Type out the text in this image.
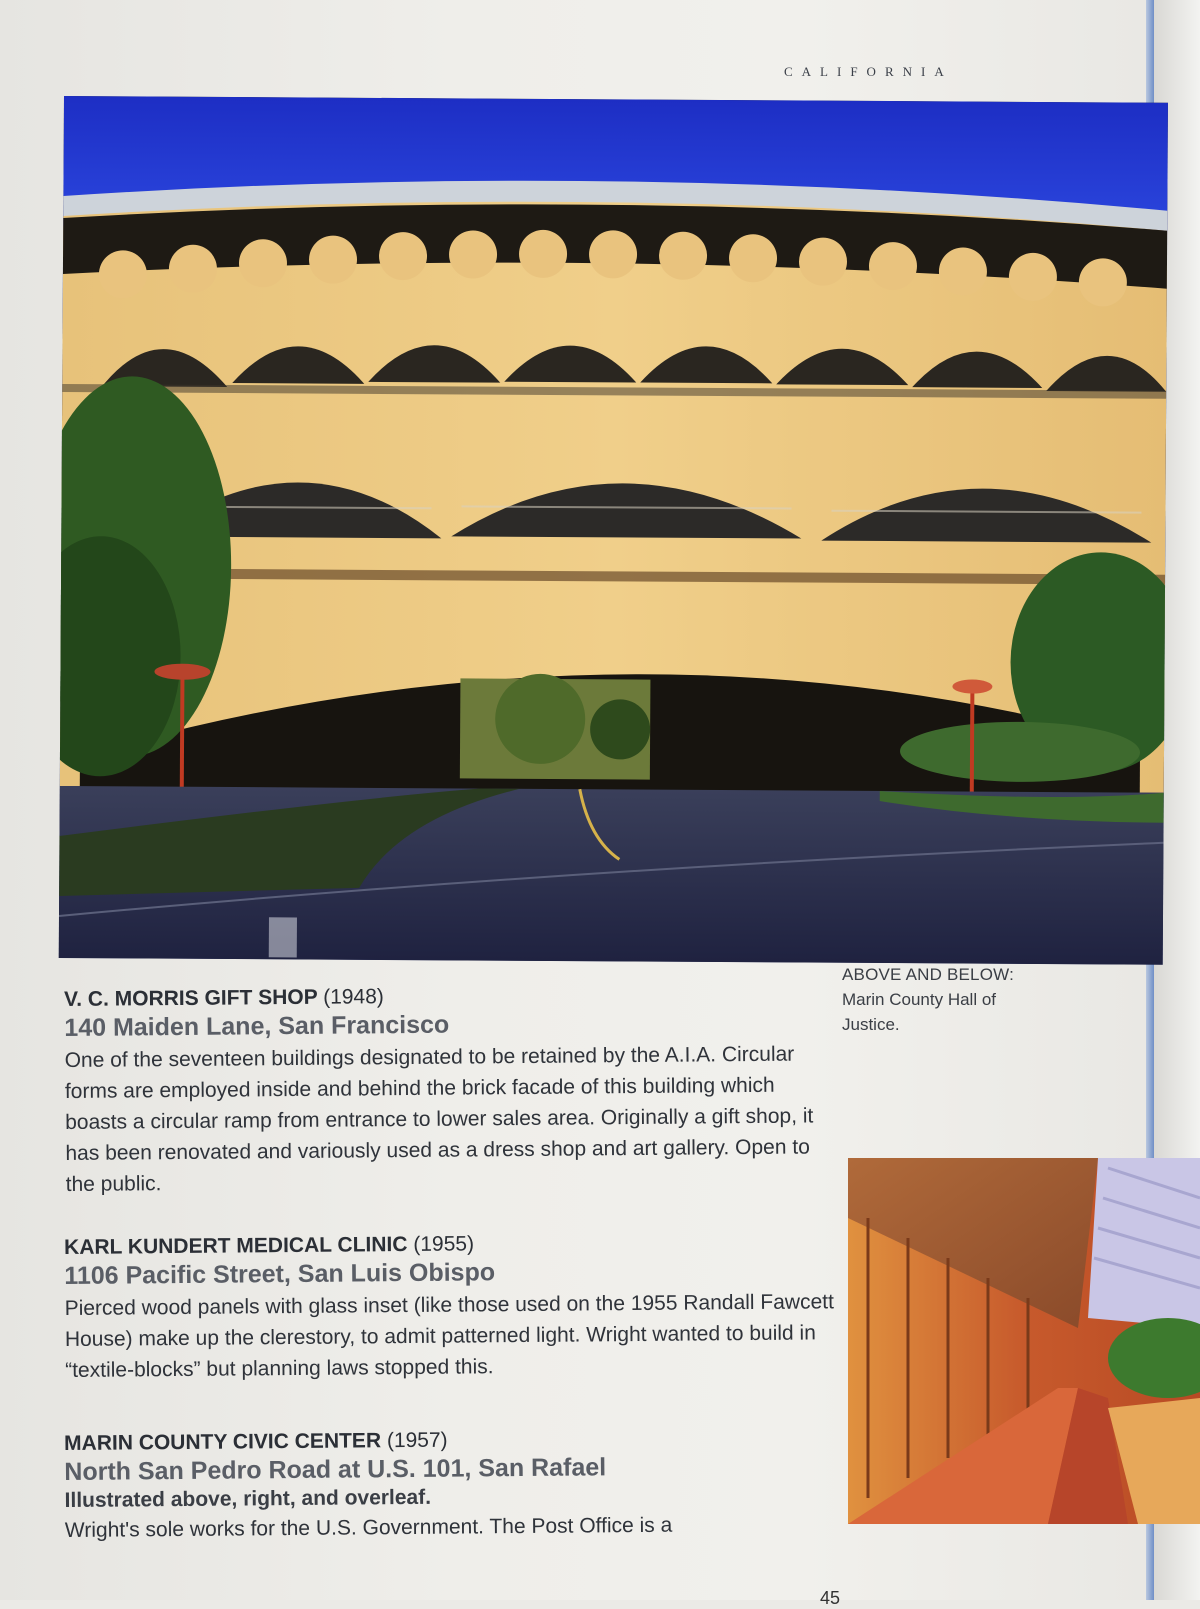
CALIFORNIA
ABOVE AND BELOW:
Marin County Hall of Justice.
V. C. MORRIS GIFT SHOP (1948)
140 Maiden Lane, San Francisco
One of the seventeen buildings designated to be retained by the A.I.A. Circular forms are employed inside and behind the brick facade of this building which boasts a circular ramp from entrance to lower sales area. Originally a gift shop, it has been renovated and variously used as a dress shop and art gallery. Open to the public.
KARL KUNDERT MEDICAL CLINIC (1955)
1106 Pacific Street, San Luis Obispo
Pierced wood panels with glass inset (like those used on the 1955 Randall Fawcett House) make up the clerestory, to admit patterned light. Wright wanted to build in “textile-blocks” but planning laws stopped this.
MARIN COUNTY CIVIC CENTER (1957)
North San Pedro Road at U.S. 101, San Rafael
Illustrated above, right, and overleaf.
Wright's sole works for the U.S. Government. The Post Office is a
45
